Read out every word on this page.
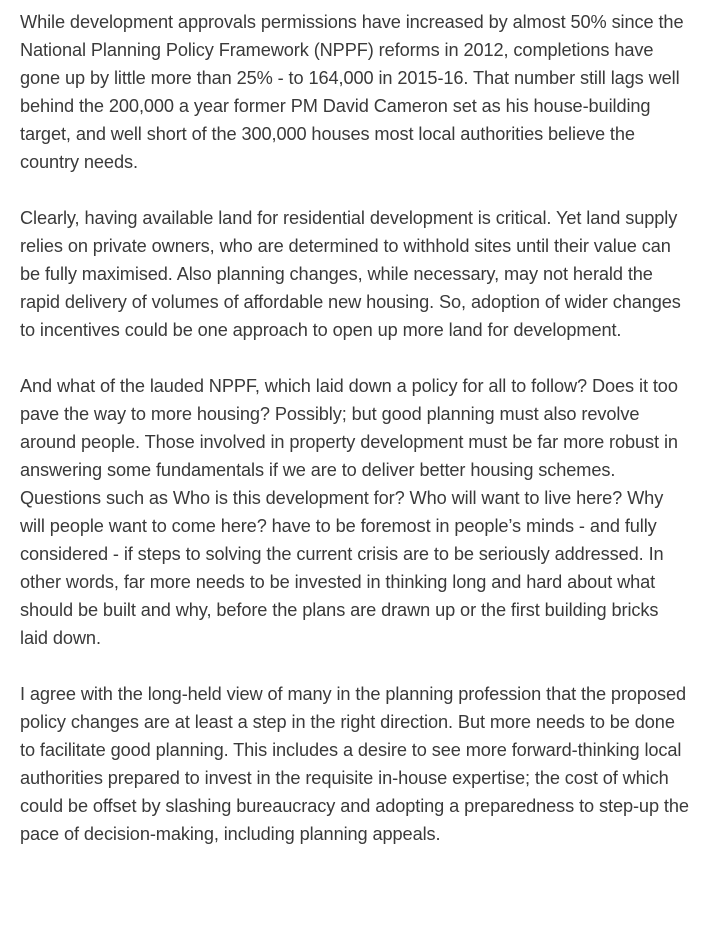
While development approvals permissions have increased by almost 50% since the National Planning Policy Framework (NPPF) reforms in 2012, completions have gone up by little more than 25% - to 164,000 in 2015-16. That number still lags well behind the 200,000 a year former PM David Cameron set as his house-building target, and well short of the 300,000 houses most local authorities believe the country needs.

Clearly, having available land for residential development is critical. Yet land supply relies on private owners, who are determined to withhold sites until their value can be fully maximised. Also planning changes, while necessary, may not herald the rapid delivery of volumes of affordable new housing. So, adoption of wider changes to incentives could be one approach to open up more land for development.

And what of the lauded NPPF, which laid down a policy for all to follow? Does it too pave the way to more housing? Possibly; but good planning must also revolve around people. Those involved in property development must be far more robust in answering some fundamentals if we are to deliver better housing schemes. Questions such as Who is this development for? Who will want to live here? Why will people want to come here? have to be foremost in people’s minds - and fully considered - if steps to solving the current crisis are to be seriously addressed. In other words, far more needs to be invested in thinking long and hard about what should be built and why, before the plans are drawn up or the first building bricks laid down.

I agree with the long-held view of many in the planning profession that the proposed policy changes are at least a step in the right direction. But more needs to be done to facilitate good planning. This includes a desire to see more forward-thinking local authorities prepared to invest in the requisite in-house expertise; the cost of which could be offset by slashing bureaucracy and adopting a preparedness to step-up the pace of decision-making, including planning appeals.
